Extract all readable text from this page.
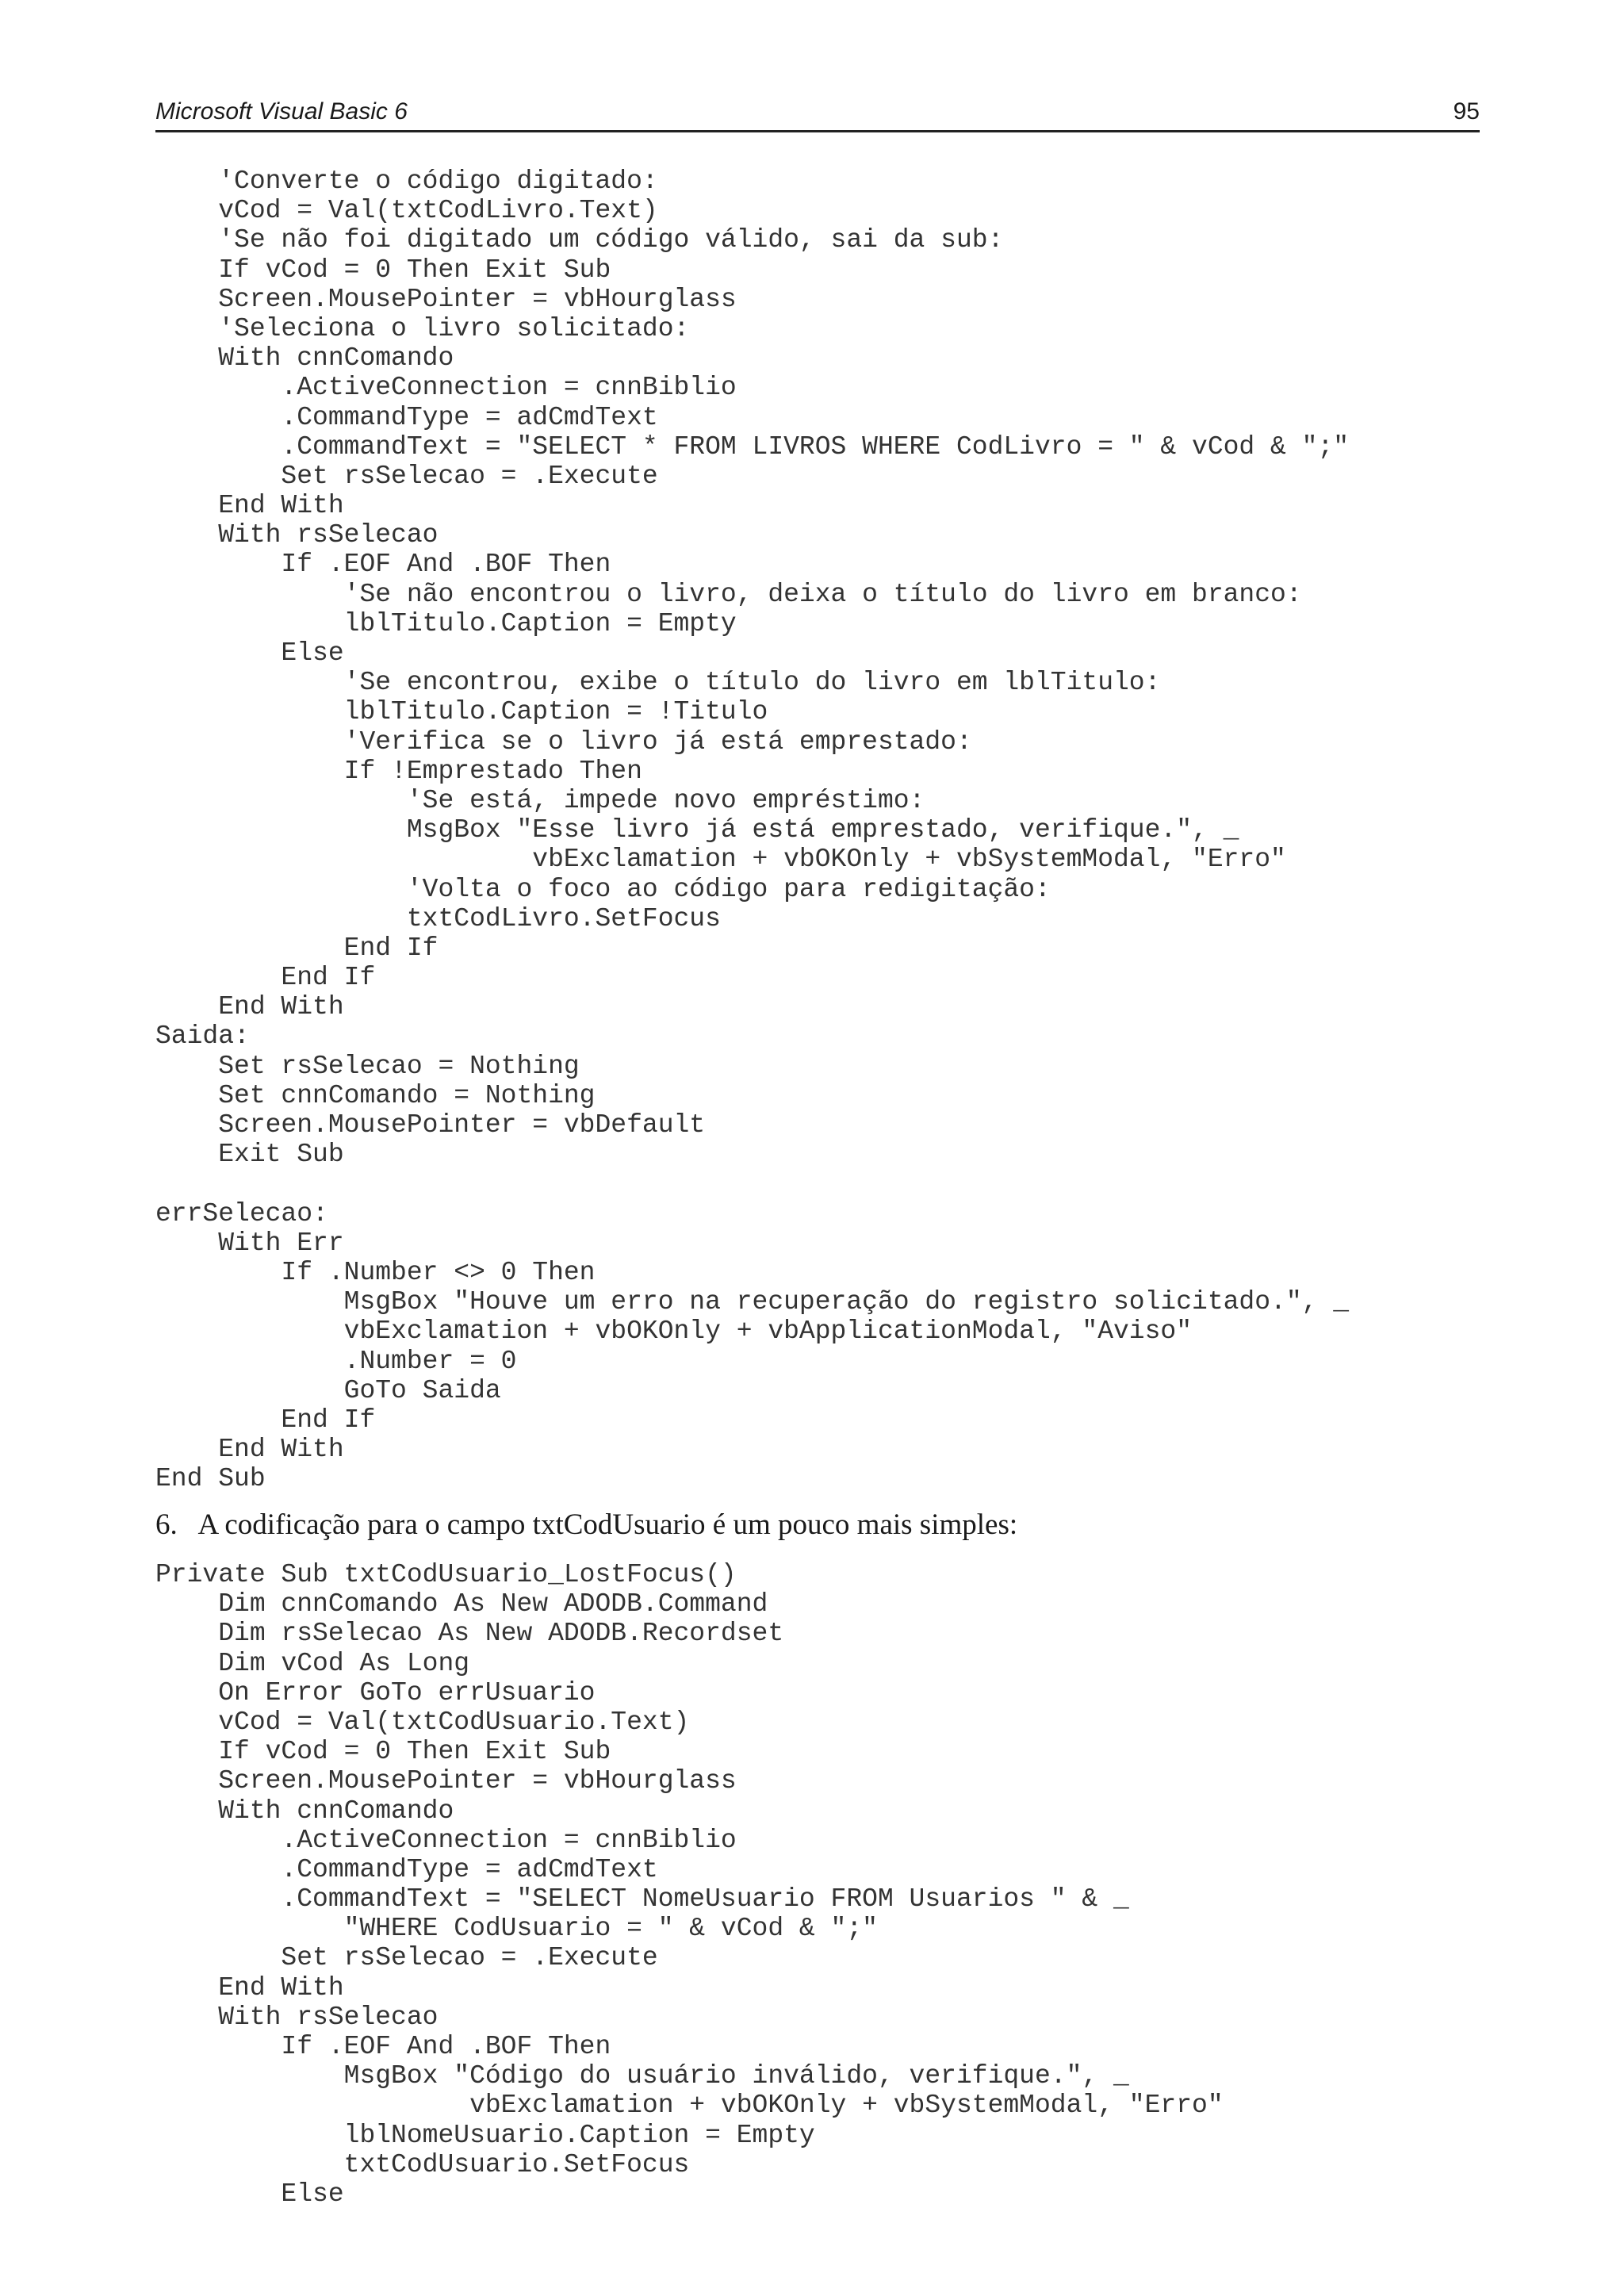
Microsoft Visual Basic 6	95
'Converte o código digitado:
vCod = Val(txtCodLivro.Text)
'Se não foi digitado um código válido, sai da sub:
If vCod = 0 Then Exit Sub
Screen.MousePointer = vbHourglass
'Seleciona o livro solicitado:
With cnnComando
.ActiveConnection = cnnBiblio
.CommandType = adCmdText
.CommandText = "SELECT * FROM LIVROS WHERE CodLivro = " & vCod & ";"
Set rsSelecao = .Execute
End With
With rsSelecao
If .EOF And .BOF Then
'Se não encontrou o livro, deixa o título do livro em branco:
lblTitulo.Caption = Empty
Else
'Se encontrou, exibe o título do livro em lblTitulo:
lblTitulo.Caption = !Titulo
'Verifica se o livro já está emprestado:
If !Emprestado Then
'Se está, impede novo empréstimo:
MsgBox "Esse livro já está emprestado, verifique.", _
vbExclamation + vbOKOnly + vbSystemModal, "Erro"
'Volta o foco ao código para redigitação:
txtCodLivro.SetFocus
End If
End If
End With
Saida:
Set rsSelecao = Nothing
Set cnnComando = Nothing
Screen.MousePointer = vbDefault
Exit Sub
errSelecao:
With Err
If .Number <> 0 Then
MsgBox "Houve um erro na recuperação do registro solicitado.", _
vbExclamation + vbOKOnly + vbApplicationModal, "Aviso"
.Number = 0
GoTo Saida
End If
End With
End Sub
6.   A codificação para o campo txtCodUsuario é um pouco mais simples:
Private Sub txtCodUsuario_LostFocus()
Dim cnnComando As New ADODB.Command
Dim rsSelecao As New ADODB.Recordset
Dim vCod As Long
On Error GoTo errUsuario
vCod = Val(txtCodUsuario.Text)
If vCod = 0 Then Exit Sub
Screen.MousePointer = vbHourglass
With cnnComando
.ActiveConnection = cnnBiblio
.CommandType = adCmdText
.CommandText = "SELECT NomeUsuario FROM Usuarios " & _
"WHERE CodUsuario = " & vCod & ";"
Set rsSelecao = .Execute
End With
With rsSelecao
If .EOF And .BOF Then
MsgBox "Código do usuário inválido, verifique.", _
vbExclamation + vbOKOnly + vbSystemModal, "Erro"
lblNomeUsuario.Caption = Empty
txtCodUsuario.SetFocus
Else
